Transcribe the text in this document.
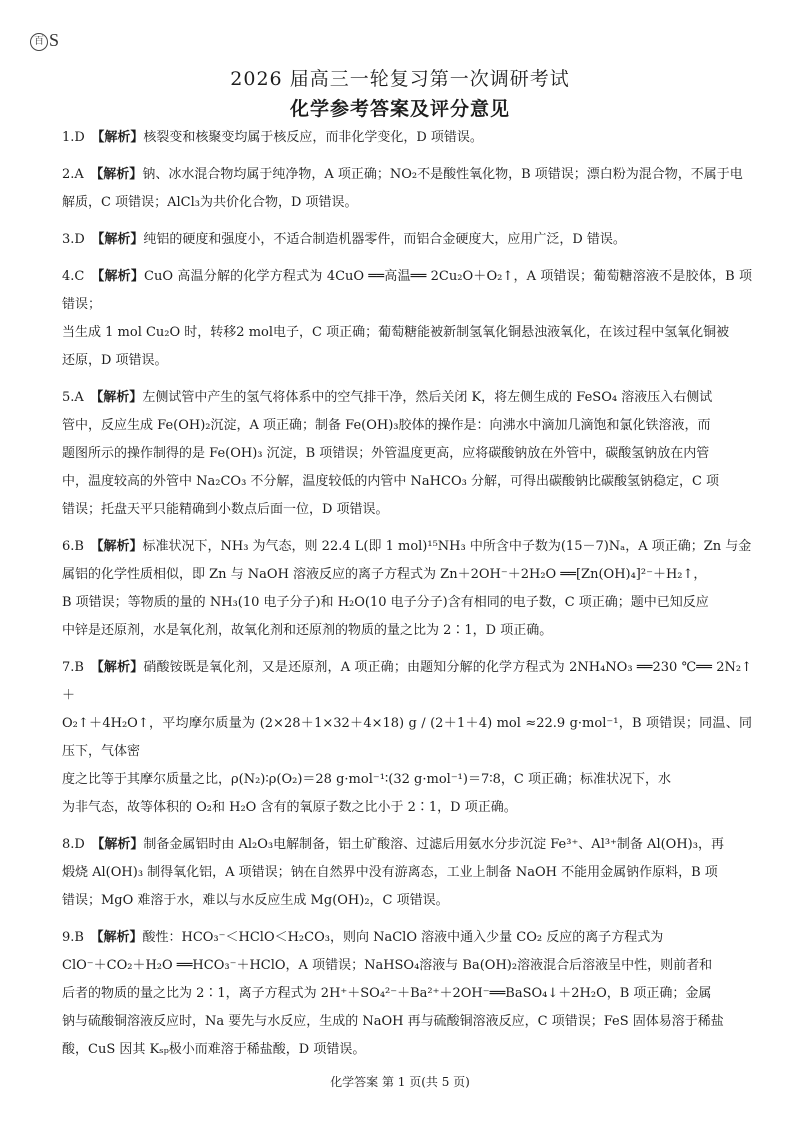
百 S
2026 届高三一轮复习第一次调研考试
化学参考答案及评分意见

1.D　【解析】核裂变和核聚变均属于核反应，而非化学变化，D 项错误。

2.A　【解析】钠、冰水混合物均属于纯净物，A 项正确；NO₂不是酸性氧化物，B 项错误；漂白粉为混合物，不属于电

解质，C 项错误；AlCl₃为共价化合物，D 项错误。

3.D　【解析】纯铝的硬度和强度小，不适合制造机器零件，而铝合金硬度大，应用广泛，D 错误。

4.C　【解析】CuO 高温分解的化学方程式为 4CuO ══高温══ 2Cu₂O＋O₂↑，A 项错误；葡萄糖溶液不是胶体，B 项错误；

当生成 1 mol Cu₂O 时，转移2 mol电子，C 项正确；葡萄糖能被新制氢氧化铜悬浊液氧化，在该过程中氢氧化铜被

还原，D 项错误。

5.A　【解析】左侧试管中产生的氢气将体系中的空气排干净，然后关闭 K，将左侧生成的 FeSO₄ 溶液压入右侧试

管中，反应生成 Fe(OH)₂沉淀，A 项正确；制备 Fe(OH)₃胶体的操作是：向沸水中滴加几滴饱和氯化铁溶液，而

题图所示的操作制得的是 Fe(OH)₃ 沉淀，B 项错误；外管温度更高，应将碳酸钠放在外管中，碳酸氢钠放在内管

中，温度较高的外管中 Na₂CO₃ 不分解，温度较低的内管中 NaHCO₃ 分解，可得出碳酸钠比碳酸氢钠稳定，C 项

错误；托盘天平只能精确到小数点后面一位，D 项错误。

6.B　【解析】标准状况下，NH₃ 为气态，则 22.4 L(即 1 mol)¹⁵NH₃ 中所含中子数为(15－7)Nₐ，A 项正确；Zn 与金

属铝的化学性质相似，即 Zn 与 NaOH 溶液反应的离子方程式为 Zn＋2OH⁻＋2H₂O ══[Zn(OH)₄]²⁻＋H₂↑，

B 项错误；等物质的量的 NH₃(10 电子分子)和 H₂O(10 电子分子)含有相同的电子数，C 项正确；题中已知反应

中锌是还原剂，水是氧化剂，故氧化剂和还原剂的物质的量之比为 2∶1，D 项正确。

7.B　【解析】硝酸铵既是氧化剂，又是还原剂，A 项正确；由题知分解的化学方程式为 2NH₄NO₃ ══230 ℃══ 2N₂↑＋

O₂↑＋4H₂O↑，平均摩尔质量为 (2×28＋1×32＋4×18) g / (2＋1＋4) mol ≈22.9 g·mol⁻¹，B 项错误；同温、同压下，气体密

度之比等于其摩尔质量之比，ρ(N₂)∶ρ(O₂)＝28 g·mol⁻¹∶(32 g·mol⁻¹)＝7∶8，C 项正确；标准状况下，水

为非气态，故等体积的 O₂和 H₂O 含有的氧原子数之比小于 2∶1，D 项正确。

8.D　【解析】制备金属铝时由 Al₂O₃电解制备，铝土矿酸溶、过滤后用氨水分步沉淀 Fe³⁺、Al³⁺制备 Al(OH)₃，再

煅烧 Al(OH)₃ 制得氧化铝，A 项错误；钠在自然界中没有游离态，工业上制备 NaOH 不能用金属钠作原料，B 项

错误；MgO 难溶于水，难以与水反应生成 Mg(OH)₂，C 项错误。

9.B　【解析】酸性：HCO₃⁻＜HClO＜H₂CO₃，则向 NaClO 溶液中通入少量 CO₂ 反应的离子方程式为

ClO⁻＋CO₂＋H₂O ══HCO₃⁻＋HClO，A 项错误；NaHSO₄溶液与 Ba(OH)₂溶液混合后溶液呈中性，则前者和

后者的物质的量之比为 2∶1，离子方程式为 2H⁺＋SO₄²⁻＋Ba²⁺＋2OH⁻══BaSO₄↓＋2H₂O，B 项正确；金属

钠与硫酸铜溶液反应时，Na 要先与水反应，生成的 NaOH 再与硫酸铜溶液反应，C 项错误；FeS 固体易溶于稀盐

酸，CuS 因其 Kₛₚ极小而难溶于稀盐酸，D 项错误。

化学答案 第 1 页(共 5 页)
